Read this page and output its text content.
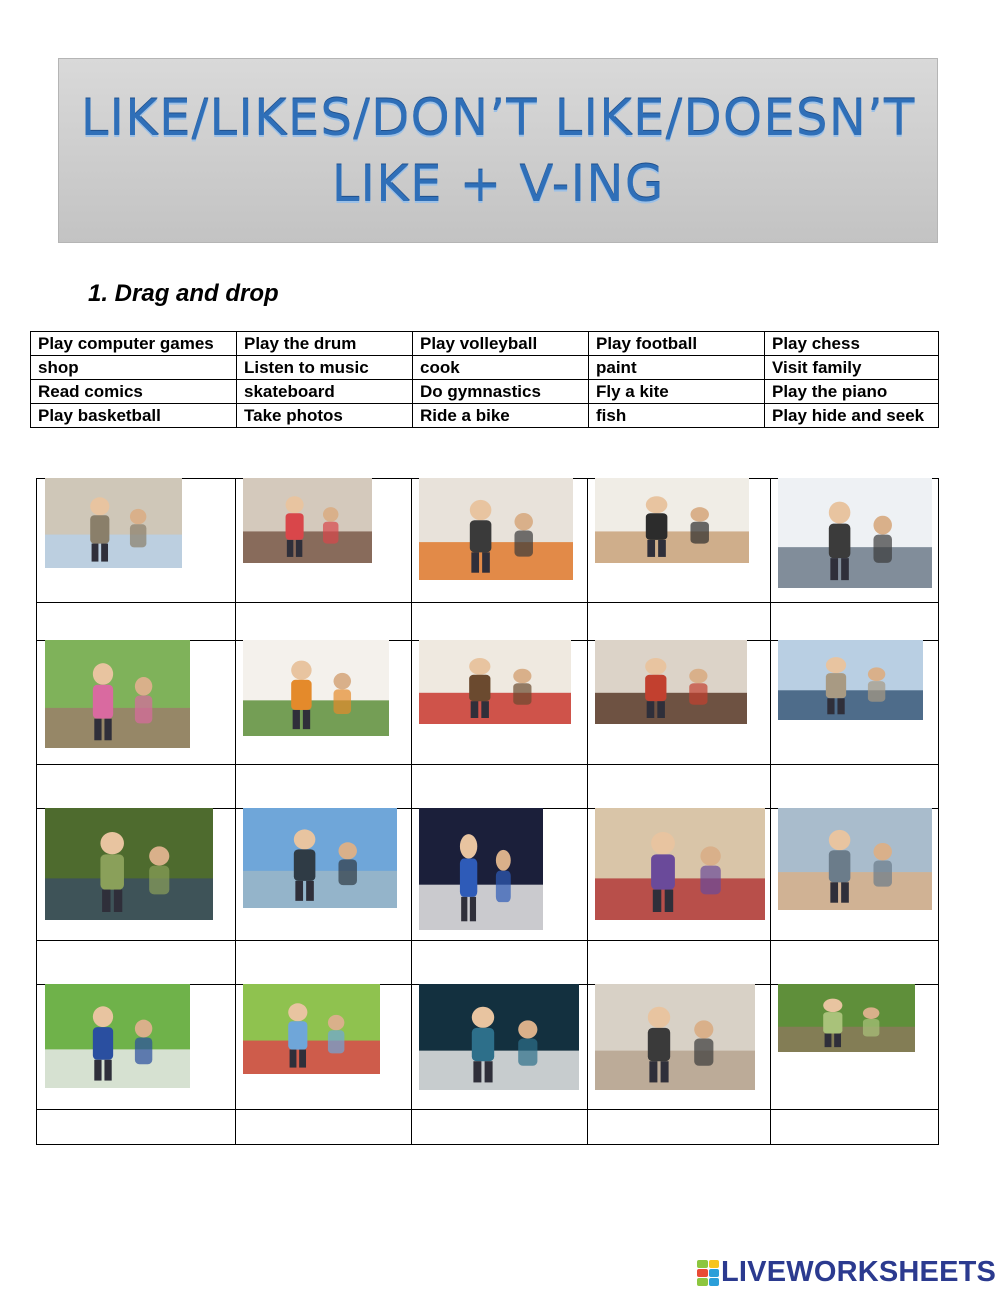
LIKE/LIKES/DON’T LIKE/DOESN’T
LIKE + V-ING
1. Drag and drop
Play computer games	Play the drum	Play volleyball	Play football	Play chess
shop	Listen to music	cook	paint	Visit family
Read comics	skateboard	Do gymnastics	Fly a kite	Play the piano
Play basketball	Take photos	Ride a bike	fish	Play hide and seek
LIVEWORKSHEETS
